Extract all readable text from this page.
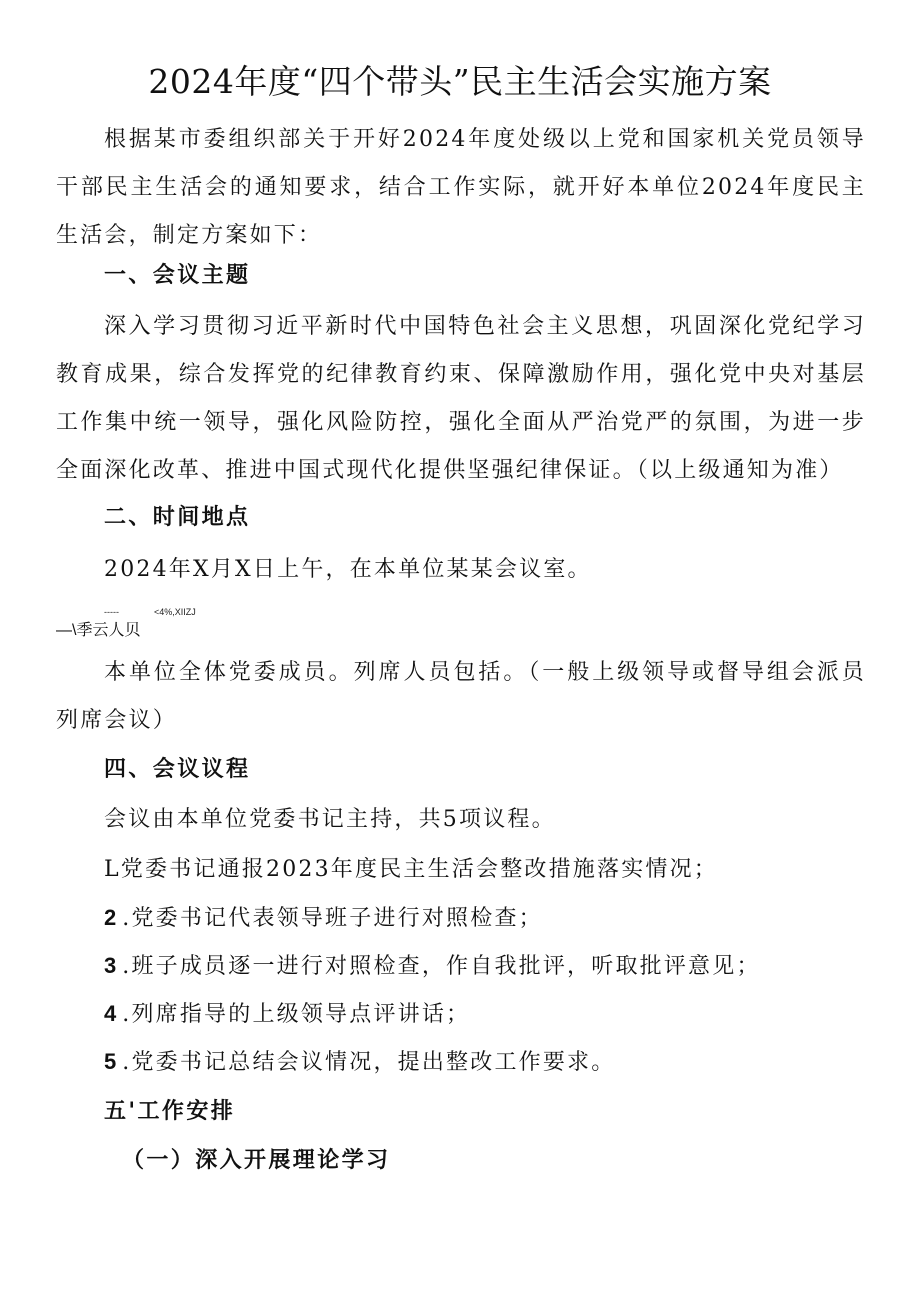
2024年度“四个带头”民主生活会实施方案
根据某市委组织部关于开好2024年度处级以上党和国家机关党员领导干部民主生活会的通知要求，结合工作实际，就开好本单位2024年度民主生活会，制定方案如下：
一、会议主题
深入学习贯彻习近平新时代中国特色社会主义思想，巩固深化党纪学习教育成果，综合发挥党的纪律教育约束、保障激励作用，强化党中央对基层工作集中统一领导，强化风险防控，强化全面从严治党严的氛围，为进一步全面深化改革、推进中国式现代化提供坚强纪律保证。（以上级通知为准）
二、时间地点
2024年X月X日上午，在本单位某某会议室。
-----	<4%,XIIZJ
—\季云人贝
本单位全体党委成员。列席人员包括。（一般上级领导或督导组会派员列席会议）
四、会议议程
会议由本单位党委书记主持，共5项议程。
L党委书记通报2023年度民主生活会整改措施落实情况；
2 .党委书记代表领导班子进行对照检查；
3 .班子成员逐一进行对照检查，作自我批评，听取批评意见；
4 .列席指导的上级领导点评讲话；
5 .党委书记总结会议情况，提出整改工作要求。
五'工作安排
（一）深入开展理论学习
